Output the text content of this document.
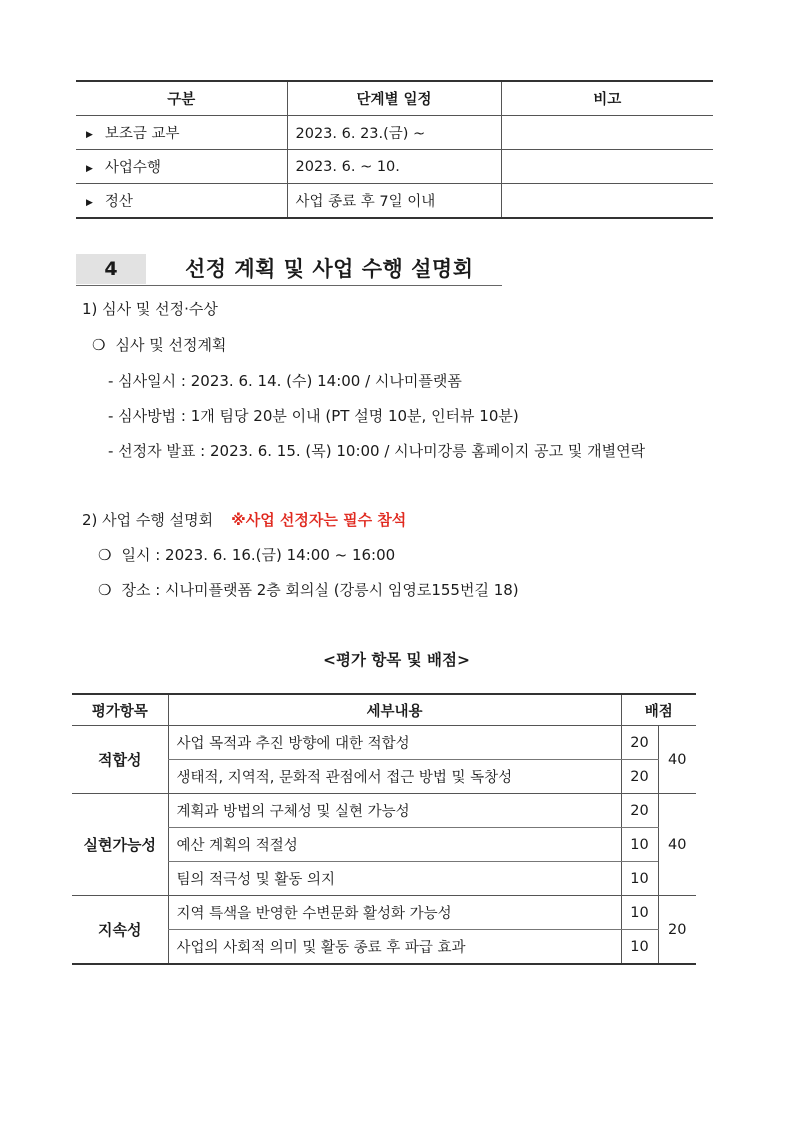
구분	단계별 일정	비고
▶ 보조금 교부	2023. 6. 23.(금) ~	
▶ 사업수행	2023. 6. ~ 10.	
▶ 정산	사업 종료 후 7일 이내	
4	선정 계획 및 사업 수행 설명회
1) 심사 및 선정·수상
❍ 심사 및 선정계획
- 심사일시 : 2023. 6. 14. (수) 14:00 / 시나미플랫폼
- 심사방법 : 1개 팀당 20분 이내 (PT 설명 10분, 인터뷰 10분)
- 선정자 발표 : 2023. 6. 15. (목) 10:00 / 시나미강릉 홈페이지 공고 및 개별연락
2) 사업 수행 설명회 ※사업 선정자는 필수 참석
❍ 일시 : 2023. 6. 16.(금) 14:00 ~ 16:00
❍ 장소 : 시나미플랫폼 2층 회의실 (강릉시 임영로155번길 18)
<평가 항목 및 배점>
평가항목	세부내용	배점	
적합성	사업 목적과 추진 방향에 대한 적합성	20	40
	생태적, 지역적, 문화적 관점에서 접근 방법 및 독창성	20	
실현가능성	계획과 방법의 구체성 및 실현 가능성	20	40
	예산 계획의 적절성	10	
	팀의 적극성 및 활동 의지	10	
지속성	지역 특색을 반영한 수변문화 활성화 가능성	10	20
	사업의 사회적 의미 및 활동 종료 후 파급 효과	10	
